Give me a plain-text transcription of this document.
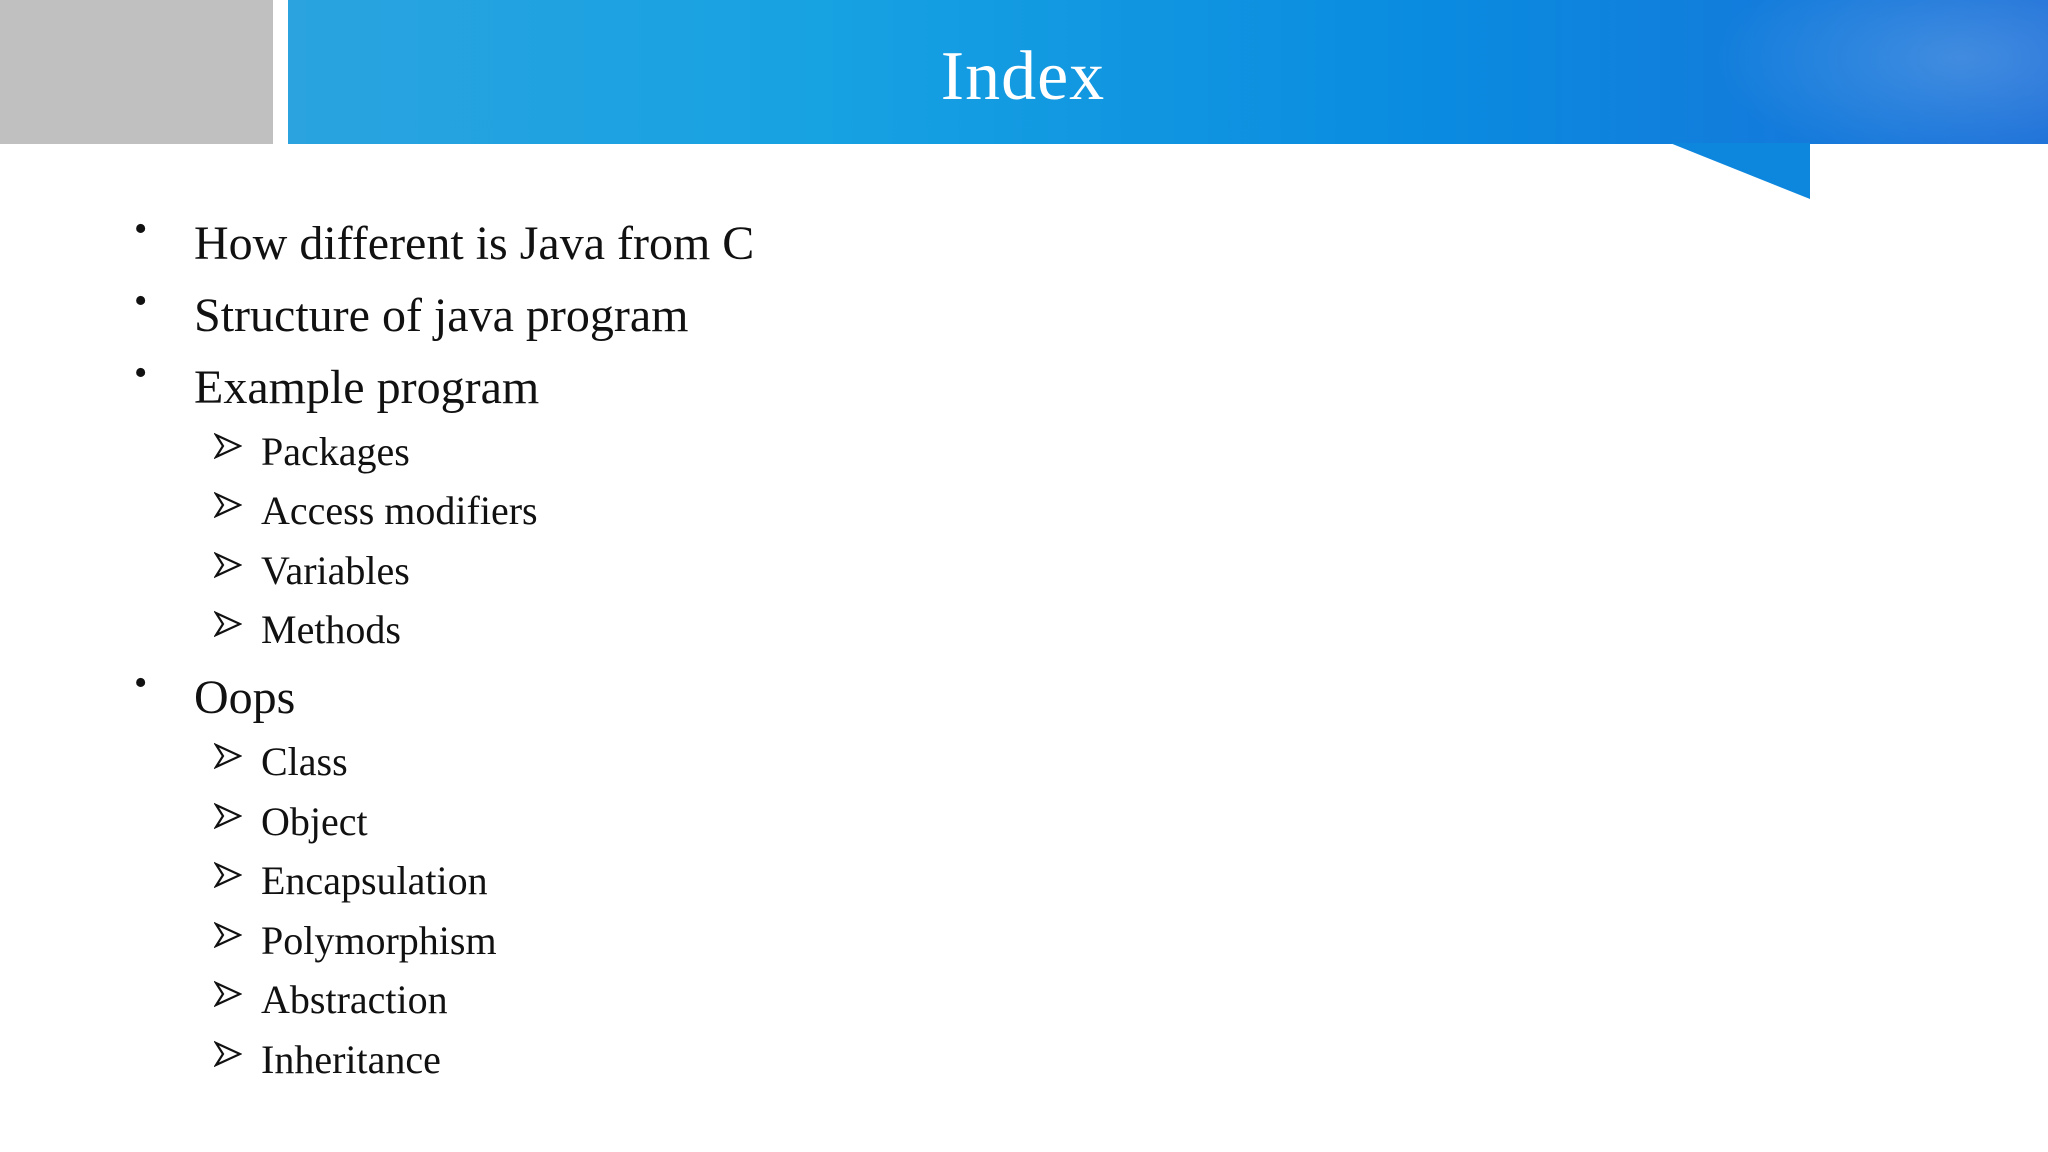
Index
• How different is Java from C
• Structure of java program
• Example program
Packages
Access modifiers
Variables
Methods
• Oops
Class
Object
Encapsulation
Polymorphism
Abstraction
Inheritance
